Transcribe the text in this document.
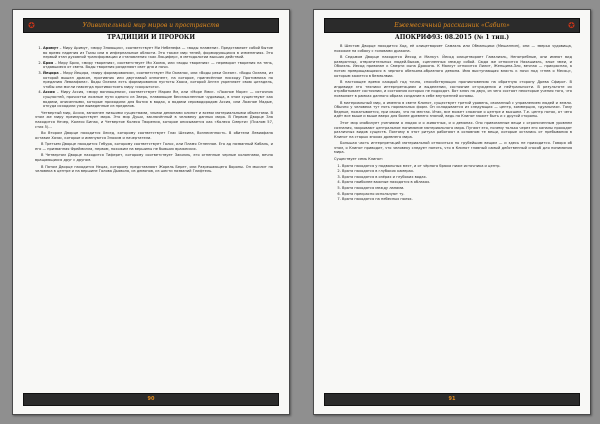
✪	Удивительный мир миров и пространств
ТРАДИЦИИ И ПРОРОКИ
1. Аримут – Миру Аримут, «миру Знающих», соответствует Ми Небенефа — «воды пламени». Представляет собой бытие во время падения из Тьмы или в инфернальные области. Это также мир теней, формирующихся в изменениях. Это первый этап духовной трансформации и становления «как Люцифер», в методологии высших действий.
2. Брия – Миру Брия, «миру творения», соответствует Ми Хохма, или «воды творения» — переворот творения на тень, отдавшиеся от света. Воды творения разделяют свет дня и ночи.
3. Йецира – Миру Йецира, «миру формирования», соответствует Ми Океанос, или «Воды реки Океан». «Воды Океана, из которой вышел дракон, противник или двуглавый оппонент, на которое, принесённое нисходу Противника по преданию Левиафана». Воды Океана есть формирования пустоты Хаоса, которой Ангел укрепляет свою цитадель, чтобы они могли навсегда противостоять миру «сокрытого».
4. Ассия – Миру Ассия, «миру воплощения», соответствует Марам Ям, или «Море Ями». «Ложное Море» — источник сущностей, прочистки ложные пути одного из Зверь, плавающие бессмысленные чудовища, в этом существуют как водами, описанными, которые приходили для бытия в водах, а водами сероводородом Ассия, или Ложное Мадые, откуда исходили уже выведенные из пределов.

Четвертый мир, Ассия, заполнен низшими существами, злыми демонами клипот и всеми материальными объектами. В этом же миру преимуществует мира. Это мир Души, заключённый в человеку данных мира. В Первом Дворце Зла находится Нечер, Колесо Бинах, и Четвертое Колесо Творения, которое описывается как «Колесо Смерти» (Псалом 57, стих 5)...

Во Втором Дворце находится Хесед, которому соответствует Глас Шехина, Вознесенность. В обители Левиафана оставил Хазас, которые и именуются Элохим и начертатели.

В Третьем Дворце находится Гебура, которому соответствует Голос, или Пламя Огненное. Его ад названный Кабаль, и его — призванная Фреймилла, первом, похожим на вершины не бывших вражеских.

В Четвертом Дворце находится Тиферет, которому соответствует Закиэль, его огненные черные колоннами, вечно вращающихся друг с другом.

В Пятом Дворце находится Нецах, которому представляют Жорель Берет, или Разрешающего Вороны. Он мыслит на человека в центре и на вершине Голова Дьявола, из демонов, из шести названий Глифтель.

90
Ежемесячный рассказник «Сабит»	✪
АПОКРИФ93: 08.2015 (№ 1 тип.)

В Шестом Дворце находится Ход, её олицетворяет Самаэль или Обманщики (Мешаннин), они — зверья чудовища, похожие на собаку с головами дракона.

В Седьмом Дворце находится Йесод и Малкут. Йесод олицетворяет Гамалиэль, Непотребные, они имеют вид развратных, отвратительных людей-быков, сцепленных между собой. Сюда же относится Нахашиэль, злые змеи, и Обхиэль. Йесод привязан к Смерти сына Дракона. К Малкут относится Лилит, Женщина-Зло, вечная — прикрасная, а потом превращающаяся в черного обезьяна-образного демона. Имя выступающая власть к ночи под «гнев о Месяц», которым кажется в безмолвии.

В настоящее время каждый год точно, способствующих проникновению на обратную сторону Древа Сфирот. В индивиде это техники интерпретациям и выделении, состояние отчуждения и нейтральности. В результате их отрабатывает состоянии, и состояния которых не подходят. Вот ключ на двух, из чего состоят некоторые учения того, что позволяет в рамках данного образа создание в себе внутренней основы.

В материальный мир, а именно в свете Клипот, существует третий уровень, связанный с управлением людей и земли. Обычно у человека тут пять нормальных форм. Он складывается из следующих — центр, коммерция, «дуальная». Тому бедные, пожатывается, при своих, что на местах. Итак, все может сложное о центре и высшем. Т.е. центр поток, от чего идёт все выше и выше вверх для более древнего знаний, ведь на Клипот может быть и с другой стороны.

Этот мир изобилует учениями о людях и о животных, и о демонах. Оно привязанные вещи с ограниченным уровнем сознания, закрывают центральное понимание материального мира. Пугают его, почему только через его каналы проходят различных видов существ. Поэтому в этот ритуал работают в основном те вещи, которые остались от пребывания в Клипот на старых эпохах древнего мира.

Большая часть интерпретаций материальной относиться по грубейшим вещам — и здесь не приходится. Говоря об этом, о Клипот приводит, что человеку следует понять, что в Клипот главный самый действенный способ для понимания мира.

Существует семь Клипот:

1. Врата находятся у подвальных мест, и от чёрного брюха ниже источника и центр.
2. Врата находятся в глубоких камерах.
3. Врата находятся в озёрах и глубоких водах.
4. Врата наиболее важные находятся в облаках.
5. Врата находятся между лапами.
6. Врата прекрасно используют ту.
7. Врата находятся на небесных полях.
91
